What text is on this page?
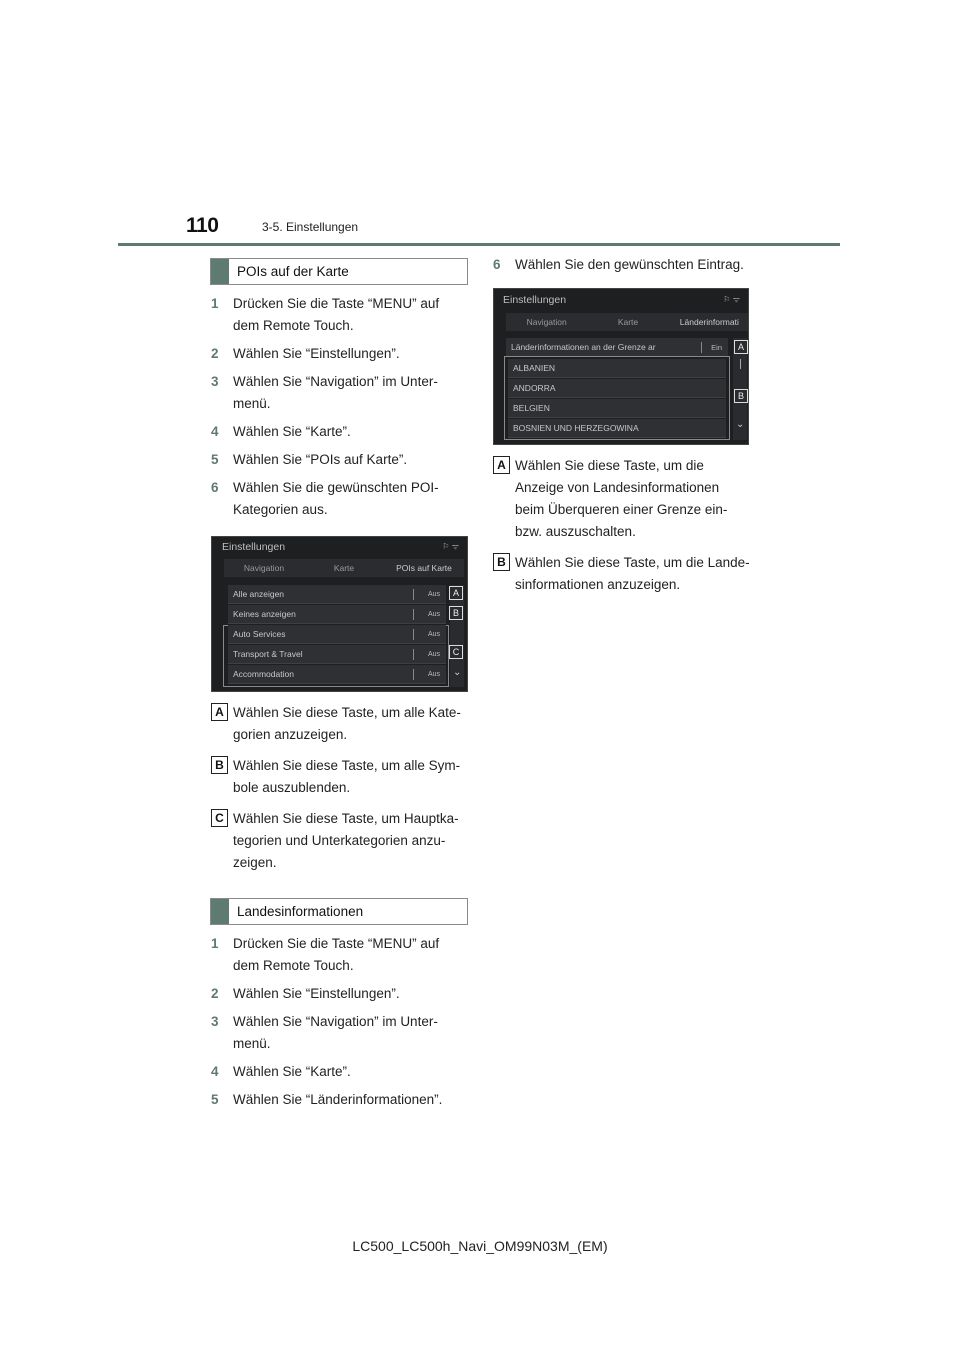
110	3-5. Einstellungen
POIs auf der Karte
1 Drücken Sie die Taste “MENU” auf
dem Remote Touch.
2 Wählen Sie “Einstellungen”.
3 Wählen Sie “Navigation” im Unter-
menü.
4 Wählen Sie “Karte”.
5 Wählen Sie “POIs auf Karte”.
6 Wählen Sie die gewünschten POI-
Kategorien aus.
Einstellungen	⚐ ᯤ
Navigation	Karte	POIs auf Karte
Alle anzeigen	Aus
Keines anzeigen	Aus
Auto Services	Aus
Transport & Travel	Aus
Accommodation	Aus
A
B
C
⌄
A Wählen Sie diese Taste, um alle Kate-
gorien anzuzeigen.
B Wählen Sie diese Taste, um alle Sym-
bole auszublenden.
C Wählen Sie diese Taste, um Hauptka-
tegorien und Unterkategorien anzu-
zeigen.
Landesinformationen
1 Drücken Sie die Taste “MENU” auf
dem Remote Touch.
2 Wählen Sie “Einstellungen”.
3 Wählen Sie “Navigation” im Unter-
menü.
4 Wählen Sie “Karte”.
5 Wählen Sie “Länderinformationen”.
6 Wählen Sie den gewünschten Eintrag.
Einstellungen	⚐ ᯤ
Navigation	Karte	Länderinformati
Länderinformationen an der Grenze ar	Ein
ALBANIEN
ANDORRA
BELGIEN
BOSNIEN UND HERZEGOWINA
A
B
⌄
A Wählen Sie diese Taste, um die
Anzeige von Landesinformationen
beim Überqueren einer Grenze ein-
bzw. auszuschalten.
B Wählen Sie diese Taste, um die Lande-
sinformationen anzuzeigen.
LC500_LC500h_Navi_OM99N03M_(EM)
